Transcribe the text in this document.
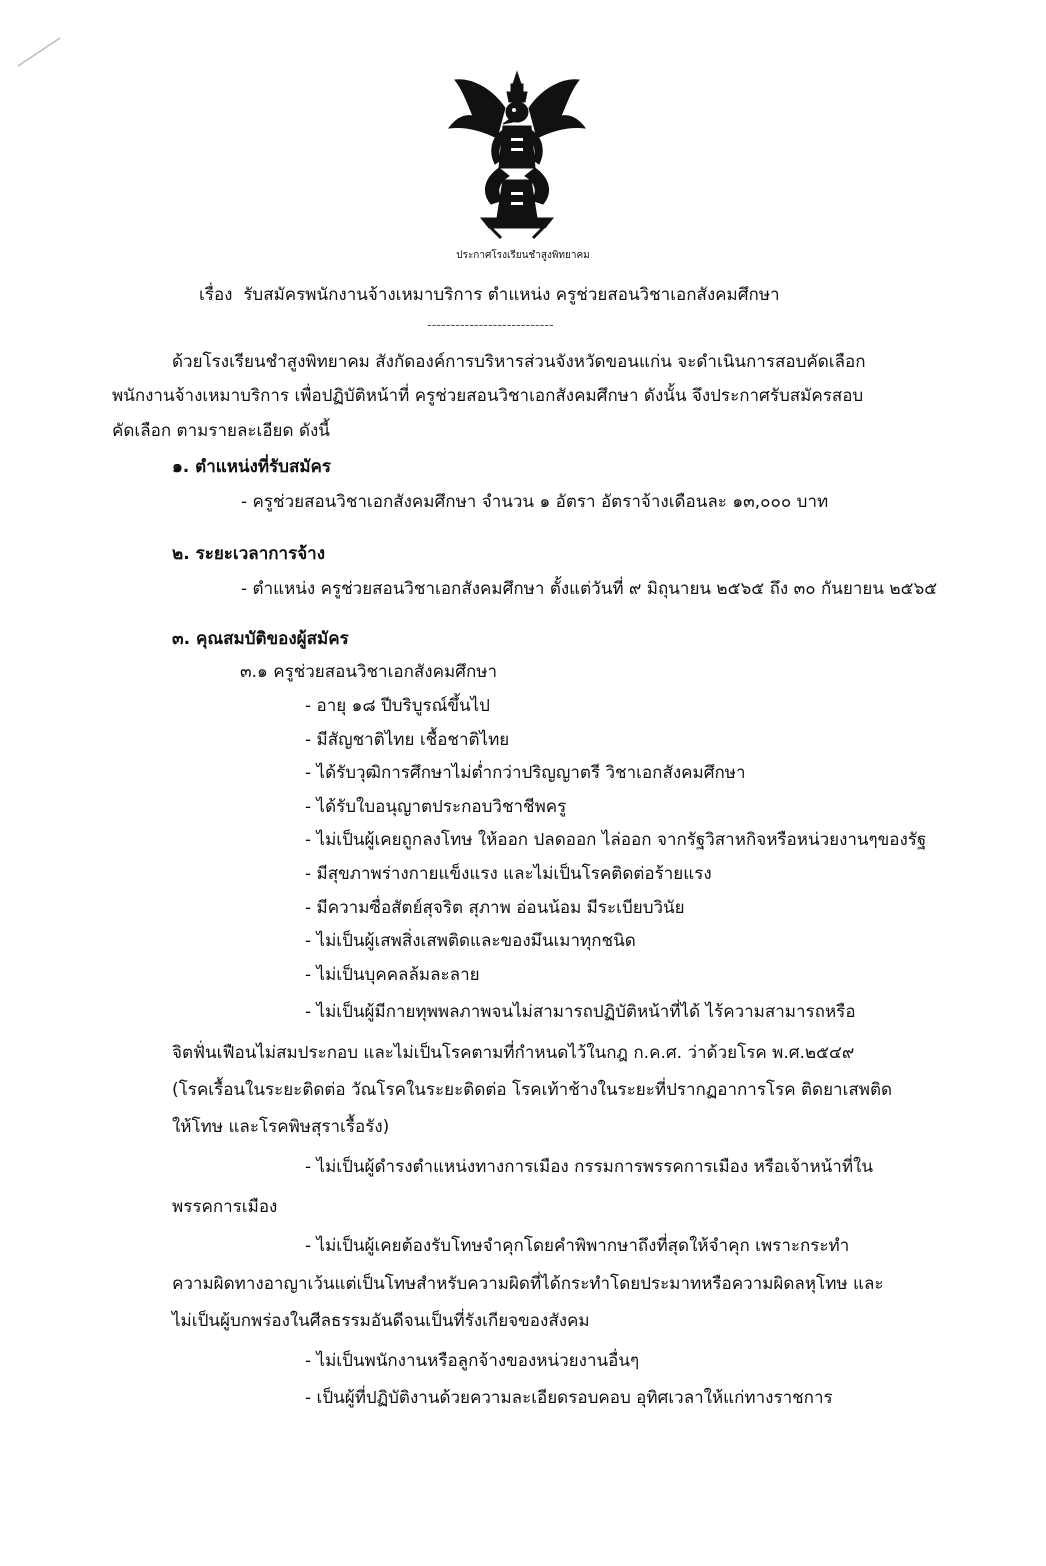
ประกาศโรงเรียนชำสูงพิทยาคม
เรื่อง รับสมัครพนักงานจ้างเหมาบริการ ตำแหน่ง ครูช่วยสอนวิชาเอกสังคมศึกษา
---------------------------
ด้วยโรงเรียนชำสูงพิทยาคม สังกัดองค์การบริหารส่วนจังหวัดขอนแก่น จะดำเนินการสอบคัดเลือก
พนักงานจ้างเหมาบริการ เพื่อปฏิบัติหน้าที่ ครูช่วยสอนวิชาเอกสังคมศึกษา ดังนั้น จึงประกาศรับสมัครสอบ
คัดเลือก ตามรายละเอียด ดังนี้
๑. ตำแหน่งที่รับสมัคร
- ครูช่วยสอนวิชาเอกสังคมศึกษา จำนวน ๑ อัตรา อัตราจ้างเดือนละ ๑๓,๐๐๐ บาท
๒. ระยะเวลาการจ้าง
- ตำแหน่ง ครูช่วยสอนวิชาเอกสังคมศึกษา ตั้งแต่วันที่ ๙ มิถุนายน ๒๕๖๕ ถึง ๓๐ กันยายน ๒๕๖๕
๓. คุณสมบัติของผู้สมัคร
๓.๑ ครูช่วยสอนวิชาเอกสังคมศึกษา
- อายุ ๑๘ ปีบริบูรณ์ขึ้นไป
- มีสัญชาติไทย เชื้อชาติไทย
- ได้รับวุฒิการศึกษาไม่ต่ำกว่าปริญญาตรี วิชาเอกสังคมศึกษา
- ได้รับใบอนุญาตประกอบวิชาชีพครู
- ไม่เป็นผู้เคยถูกลงโทษ ให้ออก ปลดออก ไล่ออก จากรัฐวิสาหกิจหรือหน่วยงานๆของรัฐ
- มีสุขภาพร่างกายแข็งแรง และไม่เป็นโรคติดต่อร้ายแรง
- มีความซื่อสัตย์สุจริต สุภาพ อ่อนน้อม มีระเบียบวินัย
- ไม่เป็นผู้เสพสิ่งเสพติดและของมึนเมาทุกชนิด
- ไม่เป็นบุคคลล้มละลาย
- ไม่เป็นผู้มีกายทุพพลภาพจนไม่สามารถปฏิบัติหน้าที่ได้ ไร้ความสามารถหรือ
จิตฟั่นเฟือนไม่สมประกอบ และไม่เป็นโรคตามที่กำหนดไว้ในกฎ ก.ค.ศ. ว่าด้วยโรค พ.ศ.๒๕๔๙
(โรคเรื้อนในระยะติดต่อ วัณโรคในระยะติดต่อ โรคเท้าช้างในระยะที่ปรากฏอาการโรค ติดยาเสพติด
ให้โทษ และโรคพิษสุราเรื้อรัง)
- ไม่เป็นผู้ดำรงตำแหน่งทางการเมือง กรรมการพรรคการเมือง หรือเจ้าหน้าที่ใน
พรรคการเมือง
- ไม่เป็นผู้เคยต้องรับโทษจำคุกโดยคำพิพากษาถึงที่สุดให้จำคุก เพราะกระทำ
ความผิดทางอาญาเว้นแต่เป็นโทษสำหรับความผิดที่ได้กระทำโดยประมาทหรือความผิดลหุโทษ และ
ไม่เป็นผู้บกพร่องในศีลธรรมอันดีจนเป็นที่รังเกียจของสังคม
- ไม่เป็นพนักงานหรือลูกจ้างของหน่วยงานอื่นๆ
- เป็นผู้ที่ปฏิบัติงานด้วยความละเอียดรอบคอบ อุทิศเวลาให้แก่ทางราชการ
